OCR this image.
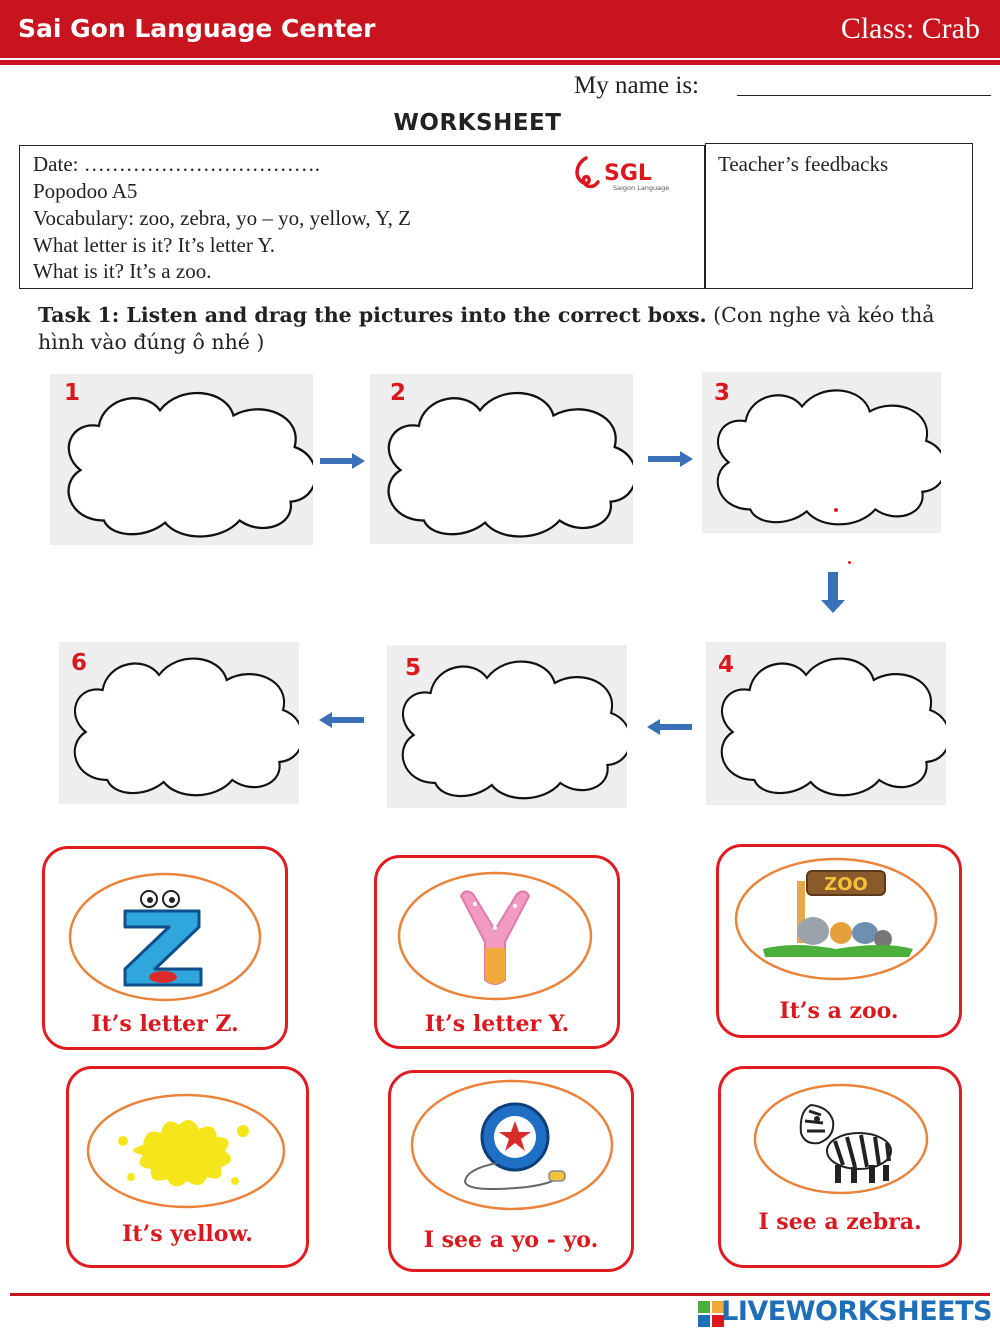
Sai Gon Language Center	Class: Crab
My name is:
WORKSHEET
Date: …………………………….
Popodoo A5
Vocabulary: zoo, zebra, yo – yo, yellow, Y, Z
What letter is it? It’s letter Y.
What is it? It’s a zoo.
SGL
Saigon Language
Teacher’s feedbacks
Task 1: Listen and drag the pictures into the correct boxs. (Con nghe và kéo thả hình vào đúng ô nhé )
1	2	3
4
5
6
It’s letter Z.	It’s letter Y.
ZOO
It’s a zoo.
It’s yellow.	I see a yo - yo.
I see a zebra.
LIVEWORKSHEETS
